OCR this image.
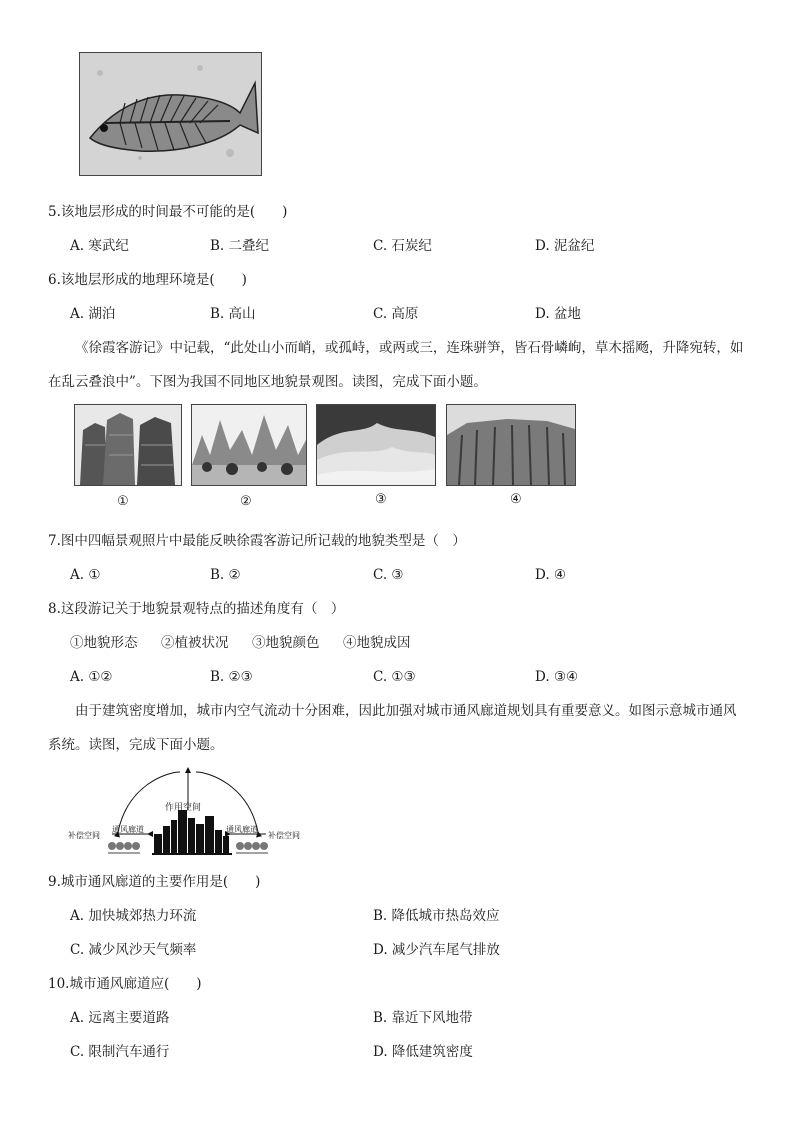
5.该地层形成的时间最不可能的是(　　)
A. 寒武纪	B. 二叠纪	C. 石炭纪	D. 泥盆纪
6.该地层形成的地理环境是(　　)
A. 湖泊	B. 高山	C. 高原	D. 盆地
《徐霞客游记》中记载，“此处山小而峭，或孤峙，或两或三，连珠骈笋，皆石骨嶙峋，草木摇飏，升降宛转，如在乱云叠浪中”。下图为我国不同地区地貌景观图。读图，完成下面小题。
①	②	③	④
7.图中四幅景观照片中最能反映徐霞客游记所记载的地貌类型是（　）
A. ①	B. ②	C. ③	D. ④
8.这段游记关于地貌景观特点的描述角度有（　）
①地貌形态 ②植被状况 ③地貌颜色 ④地貌成因
A. ①②	B. ②③	C. ①③	D. ③④
由于建筑密度增加，城市内空气流动十分困难，因此加强对城市通风廊道规划具有重要意义。如图示意城市通风系统。读图，完成下面小题。
作用空间
通风廊道	通风廊道
补偿空间	补偿空间
9.城市通风廊道的主要作用是(　　)
A. 加快城郊热力环流	B. 降低城市热岛效应
C. 减少风沙天气频率	D. 减少汽车尾气排放
10.城市通风廊道应(　　)
A. 远离主要道路	B. 靠近下风地带
C. 限制汽车通行	D. 降低建筑密度
